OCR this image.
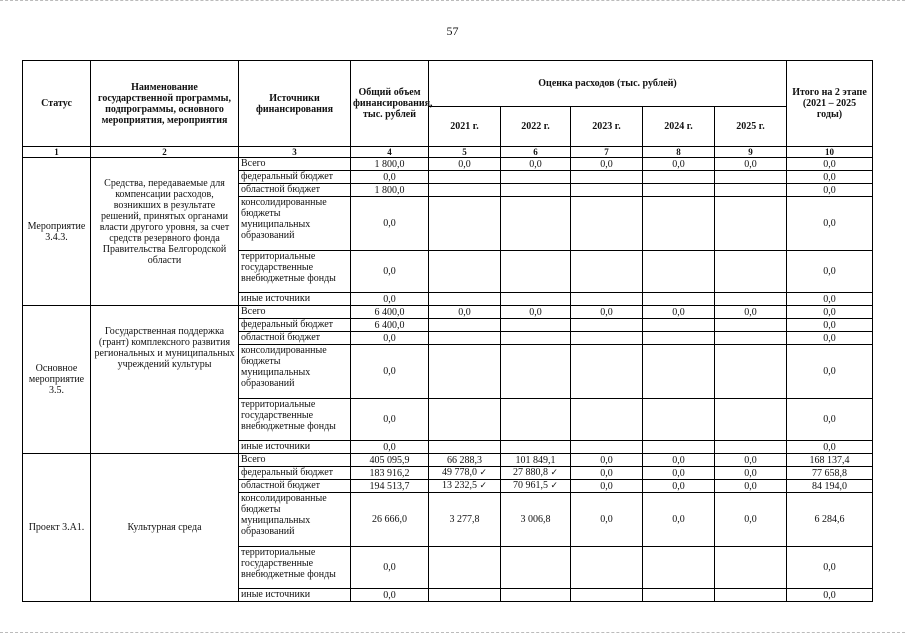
57
Статус	Наименование государственной программы, подпрограммы, основного мероприятия, мероприятия	Источники финансирования	Общий объем финансирования, тыс. рублей	Оценка расходов (тыс. рублей)					Итого на 2 этапе (2021 – 2025 годы)
				2021 г.	2022 г.	2023 г.	2024 г.	2025 г.	
1	2	3	4	5	6	7	8	9	10
Мероприятие 3.4.3.	Средства, передаваемые для компенсации расходов, возникших в результате решений, принятых органами власти другого уровня, за счет средств резервного фонда Правительства Белгородской области	Всего	1 800,0	0,0	0,0	0,0	0,0	0,0	0,0
		федеральный бюджет	0,0						0,0
		областной бюджет	1 800,0						0,0
		консолидированные бюджеты муниципальных образований	0,0						0,0
		территориальные государственные внебюджетные фонды	0,0						0,0
		иные источники	0,0						0,0
Основное мероприятие 3.5.	Государственная поддержка (грант) комплексного развития региональных и муниципальных учреждений культуры	Всего	6 400,0	0,0	0,0	0,0	0,0	0,0	0,0
		федеральный бюджет	6 400,0						0,0
		областной бюджет	0,0						0,0
		консолидированные бюджеты муниципальных образований	0,0						0,0
		территориальные государственные внебюджетные фонды	0,0						0,0
		иные источники	0,0						0,0
Проект 3.А1.	Культурная среда	Всего	405 095,9	66 288,3	101 849,1	0,0	0,0	0,0	168 137,4
		федеральный бюджет	183 916,2	49 778,0 ✓	27 880,8 ✓	0,0	0,0	0,0	77 658,8
		областной бюджет	194 513,7	13 232,5 ✓	70 961,5 ✓	0,0	0,0	0,0	84 194,0
		консолидированные бюджеты муниципальных образований	26 666,0	3 277,8	3 006,8	0,0	0,0	0,0	6 284,6
		территориальные государственные внебюджетные фонды	0,0						0,0
		иные источники	0,0						0,0
